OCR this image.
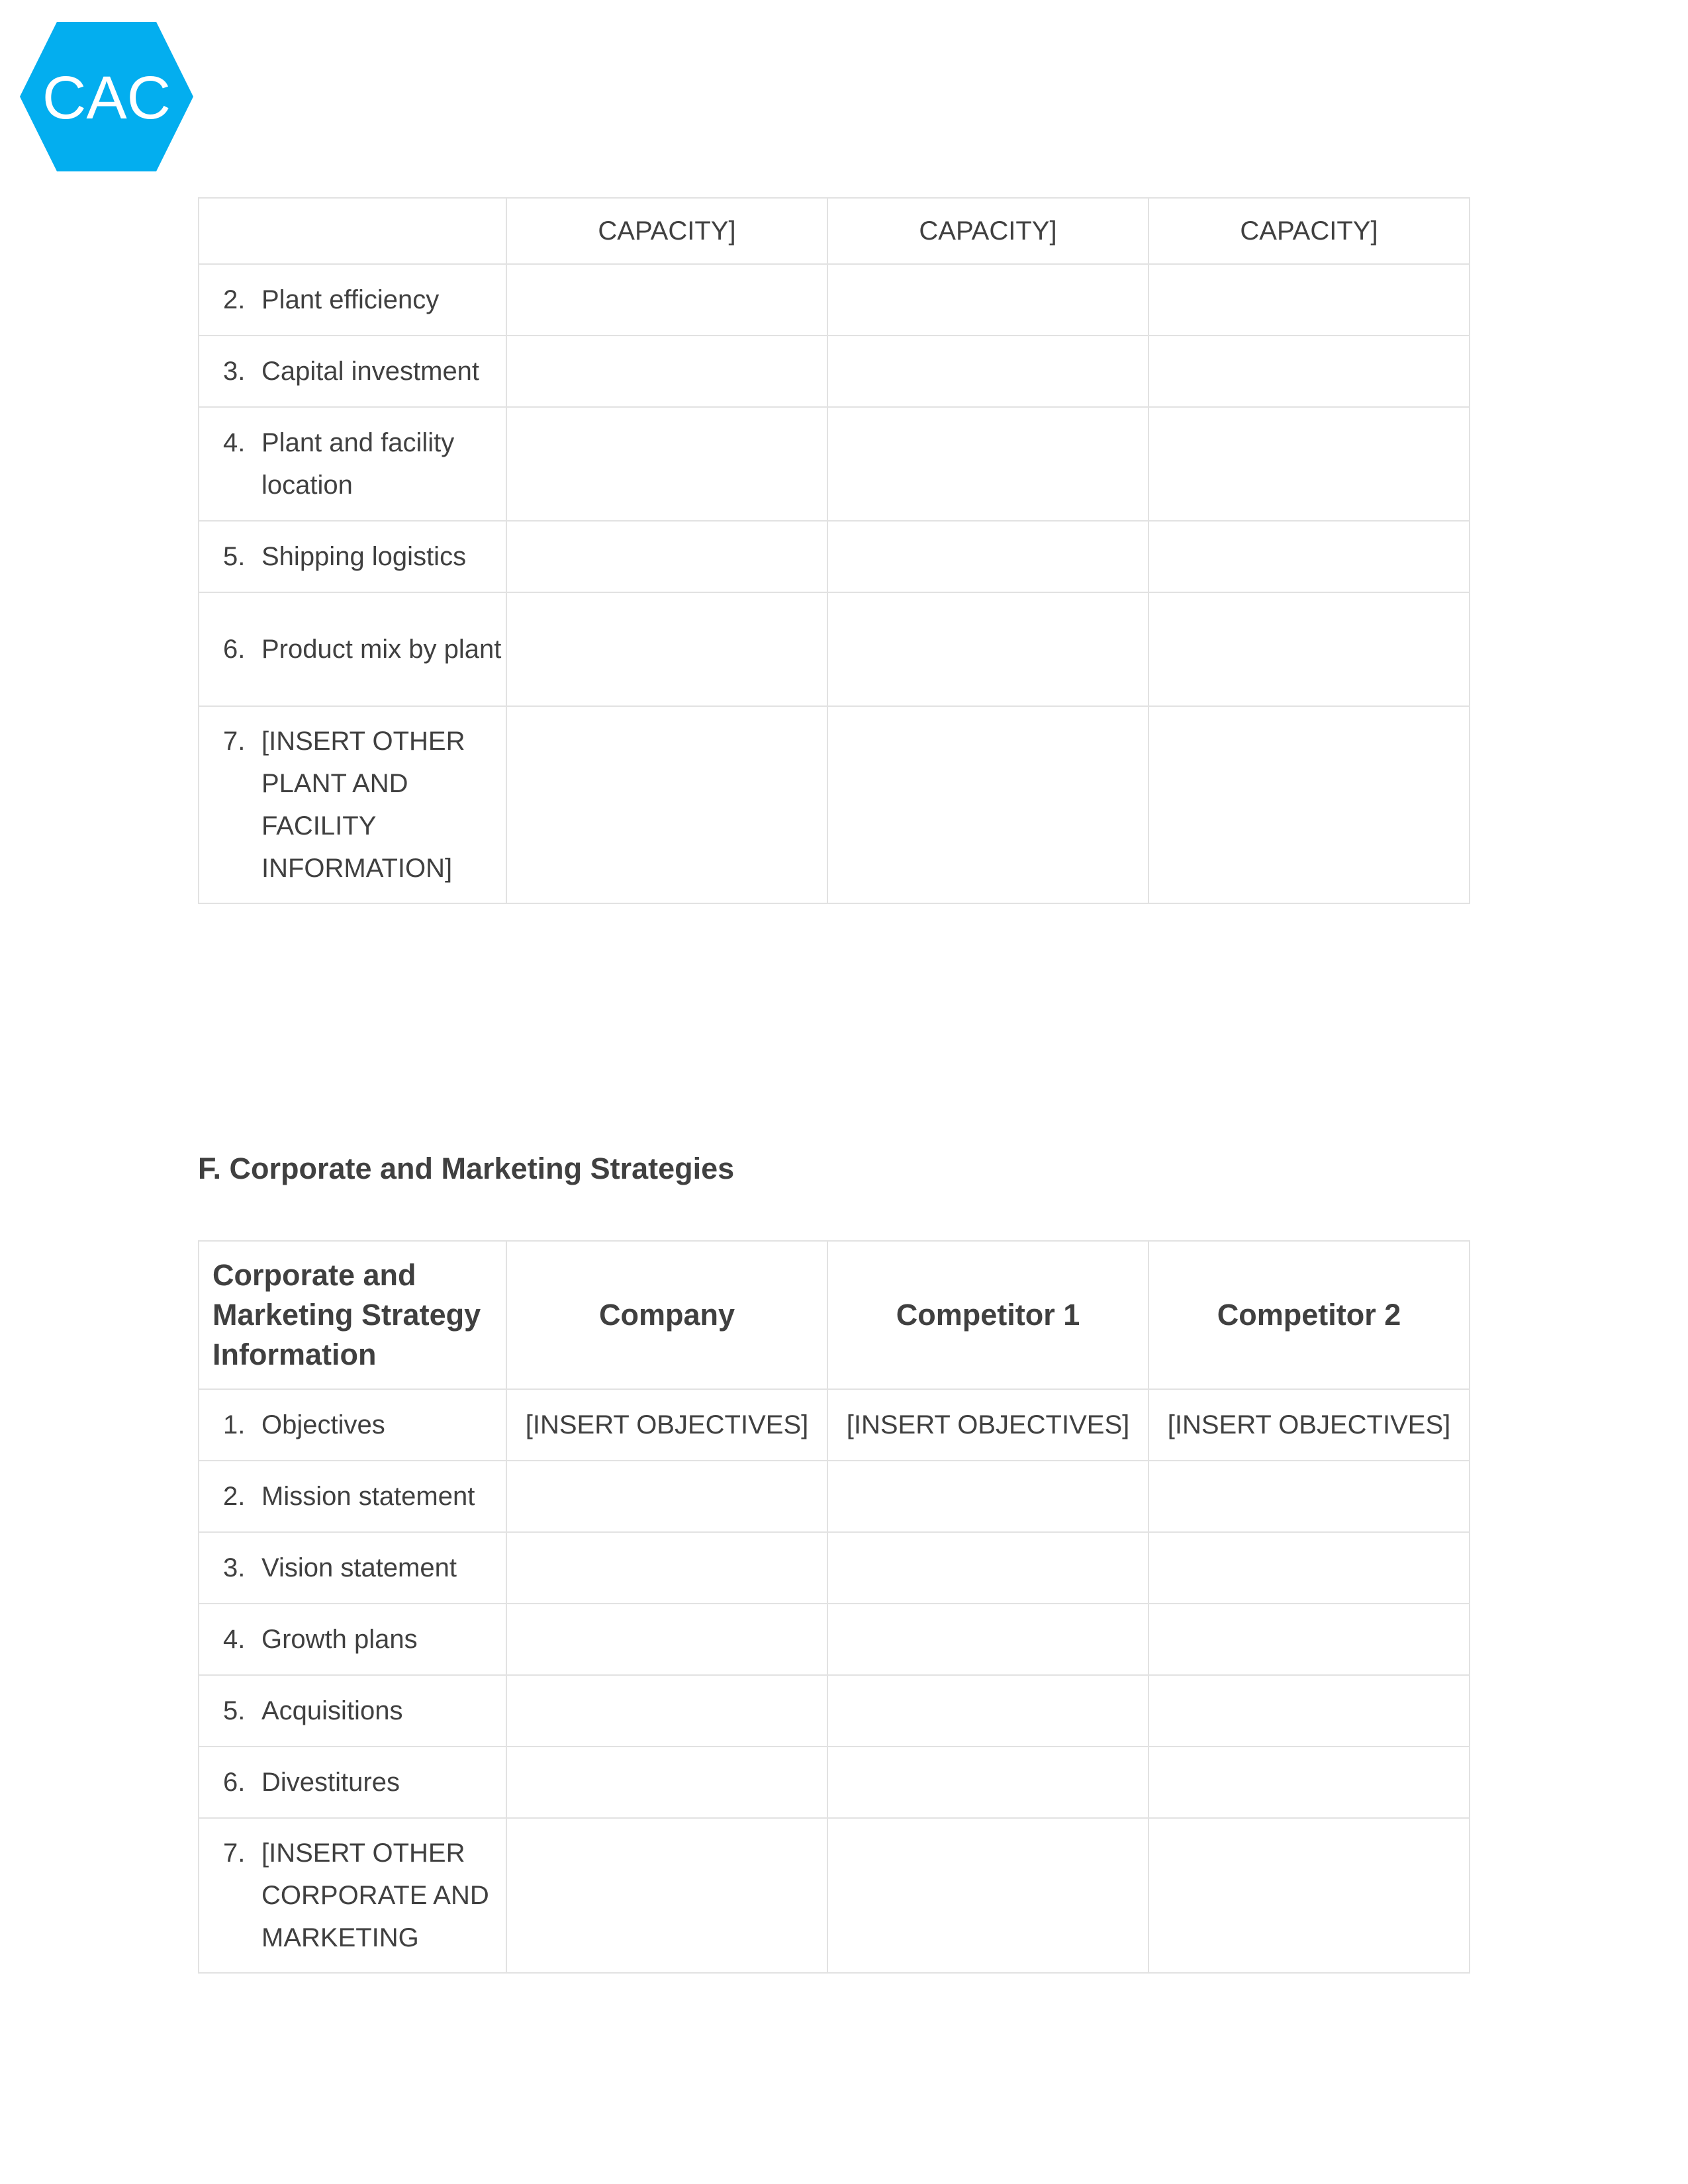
CAC
	CAPACITY]	CAPACITY]	CAPACITY]

2. Plant efficiency			

3. Capital investment			

4. Plant and facility location			

5. Shipping logistics			

6. Product mix by plant			

7. [INSERT OTHER PLANT AND FACILITY INFORMATION]			

F. Corporate and Marketing Strategies
Corporate and Marketing Strategy Information	Company	Competitor 1	Competitor 2

1. Objectives	[INSERT OBJECTIVES]	[INSERT OBJECTIVES]	[INSERT OBJECTIVES]

2. Mission statement			

3. Vision statement			

4. Growth plans			

5. Acquisitions			

6. Divestitures			

7. [INSERT OTHER CORPORATE AND MARKETING			
